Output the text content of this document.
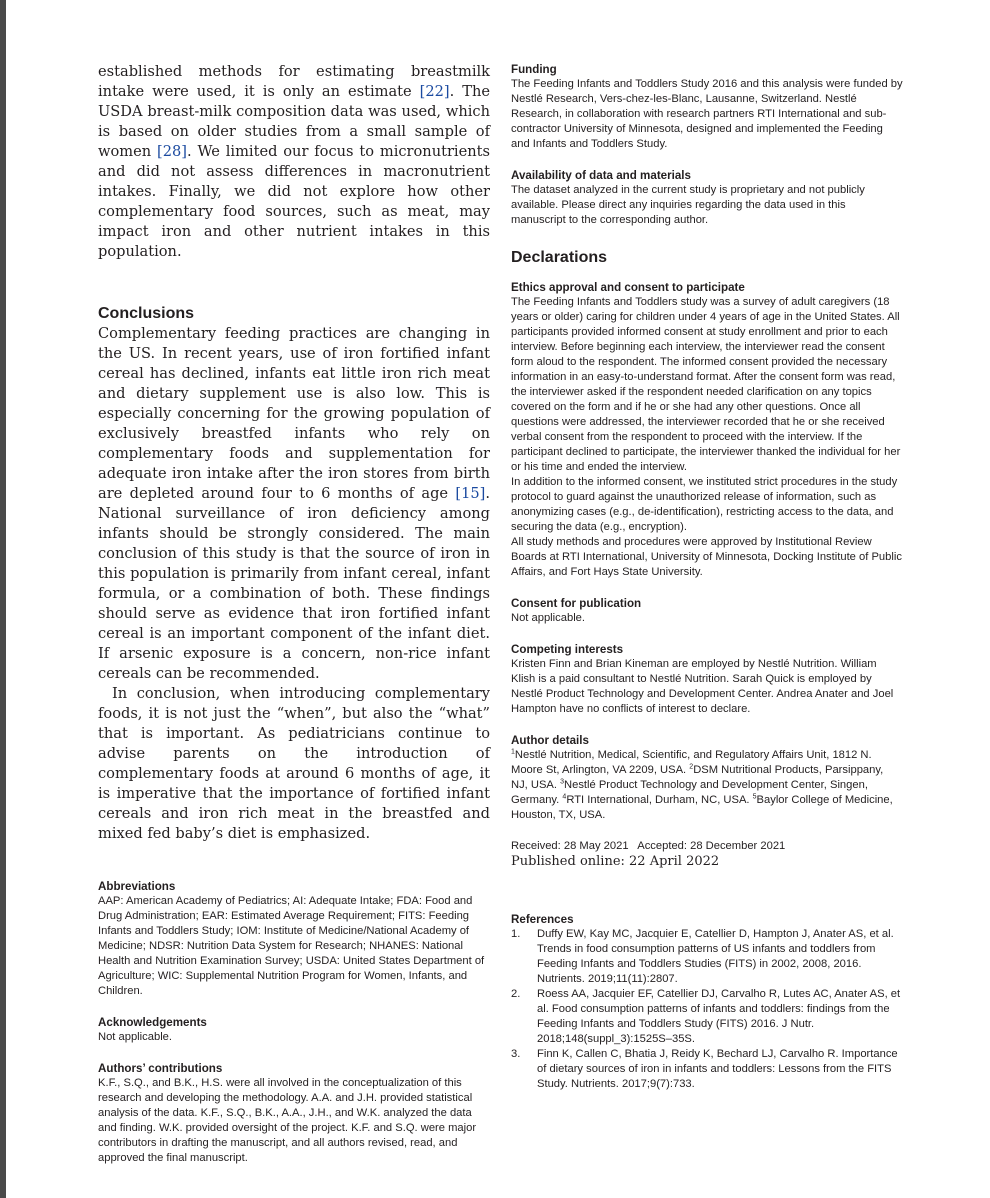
established methods for estimating breastmilk intake were used, it is only an estimate [22]. The USDA breast-milk composition data was used, which is based on older studies from a small sample of women [28]. We limited our focus to micronutrients and did not assess differences in macronutrient intakes. Finally, we did not explore how other complementary food sources, such as meat, may impact iron and other nutrient intakes in this population.

Conclusions

Complementary feeding practices are changing in the US. In recent years, use of iron fortified infant cereal has declined, infants eat little iron rich meat and dietary supplement use is also low. This is especially concerning for the growing population of exclusively breastfed infants who rely on complementary foods and supplementation for adequate iron intake after the iron stores from birth are depleted around four to 6 months of age [15]. National surveillance of iron deficiency among infants should be strongly considered. The main conclusion of this study is that the source of iron in this population is primarily from infant cereal, infant formula, or a combination of both. These findings should serve as evidence that iron fortified infant cereal is an important component of the infant diet. If arsenic exposure is a concern, non-rice infant cereals can be recommended.

In conclusion, when introducing complementary foods, it is not just the “when”, but also the “what” that is important. As pediatricians continue to advise parents on the introduction of complementary foods at around 6 months of age, it is imperative that the importance of fortified infant cereals and iron rich meat in the breastfed and mixed fed baby’s diet is emphasized.

Abbreviations

AAP: American Academy of Pediatrics; AI: Adequate Intake; FDA: Food and Drug Administration; EAR: Estimated Average Requirement; FITS: Feeding Infants and Toddlers Study; IOM: Institute of Medicine/National Academy of Medicine; NDSR: Nutrition Data System for Research; NHANES: National Health and Nutrition Examination Survey; USDA: United States Department of Agriculture; WIC: Supplemental Nutrition Program for Women, Infants, and Children.

Acknowledgements

Not applicable.

Authors’ contributions

K.F., S.Q., and B.K., H.S. were all involved in the conceptualization of this research and developing the methodology. A.A. and J.H. provided statistical analysis of the data. K.F., S.Q., B.K., A.A., J.H., and W.K. analyzed the data and finding. W.K. provided oversight of the project. K.F. and S.Q. were major contributors in drafting the manuscript, and all authors revised, read, and approved the final manuscript.

Funding

The Feeding Infants and Toddlers Study 2016 and this analysis were funded by Nestlé Research, Vers-chez-les-Blanc, Lausanne, Switzerland. Nestlé Research, in collaboration with research partners RTI International and sub-contractor University of Minnesota, designed and implemented the Feeding and Infants and Toddlers Study.

Availability of data and materials

The dataset analyzed in the current study is proprietary and not publicly available. Please direct any inquiries regarding the data used in this manuscript to the corresponding author.

Declarations
Ethics approval and consent to participate

The Feeding Infants and Toddlers study was a survey of adult caregivers (18 years or older) caring for children under 4 years of age in the United States. All participants provided informed consent at study enrollment and prior to each interview. Before beginning each interview, the interviewer read the consent form aloud to the respondent. The informed consent provided the necessary information in an easy-to-understand format. After the consent form was read, the interviewer asked if the respondent needed clarification on any topics covered on the form and if he or she had any other questions. Once all questions were addressed, the interviewer recorded that he or she received verbal consent from the respondent to proceed with the interview. If the participant declined to participate, the interviewer thanked the individual for her or his time and ended the interview.

In addition to the informed consent, we instituted strict procedures in the study protocol to guard against the unauthorized release of information, such as anonymizing cases (e.g., de-identification), restricting access to the data, and securing the data (e.g., encryption).

All study methods and procedures were approved by Institutional Review Boards at RTI International, University of Minnesota, Docking Institute of Public Affairs, and Fort Hays State University.

Consent for publication

Not applicable.

Competing interests

Kristen Finn and Brian Kineman are employed by Nestlé Nutrition. William Klish is a paid consultant to Nestlé Nutrition. Sarah Quick is employed by Nestlé Product Technology and Development Center. Andrea Anater and Joel Hampton have no conflicts of interest to declare.

Author details

$^1$Nestlé Nutrition, Medical, Scientific, and Regulatory Affairs Unit, 1812 N. Moore St, Arlington, VA 2209, USA. $^2$DSM Nutritional Products, Parsippany, NJ, USA. $^3$Nestlé Product Technology and Development Center, Singen, Germany. $^4$RTI International, Durham, NC, USA. $^5$Baylor College of Medicine, Houston, TX, USA.

Received: 28 May 2021   Accepted: 28 December 2021

Published online: 22 April 2022

References
1.	Duffy EW, Kay MC, Jacquier E, Catellier D, Hampton J, Anater AS, et al. Trends in food consumption patterns of US infants and toddlers from Feeding Infants and Toddlers Studies (FITS) in 2002, 2008, 2016. Nutrients. 2019;11(11):2807.
2.	Roess AA, Jacquier EF, Catellier DJ, Carvalho R, Lutes AC, Anater AS, et al. Food consumption patterns of infants and toddlers: findings from the Feeding Infants and Toddlers Study (FITS) 2016. J Nutr. 2018;148(suppl_3):1525S–35S.
3.	Finn K, Callen C, Bhatia J, Reidy K, Bechard LJ, Carvalho R. Importance of dietary sources of iron in infants and toddlers: Lessons from the FITS Study. Nutrients. 2017;9(7):733.
